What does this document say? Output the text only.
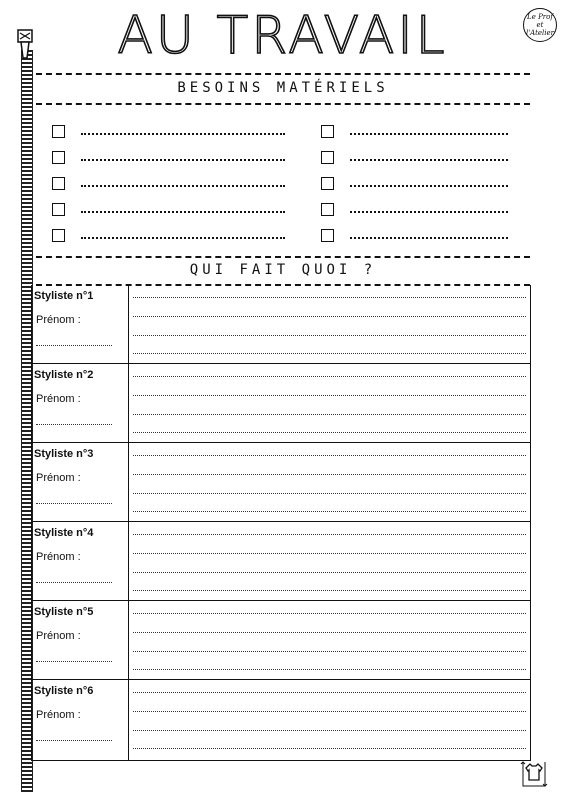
AU TRAVAIL	Le Prof et l'Atelier
BESOINS MATÉRIELS
QUI FAIT QUOI ?
Styliste n°1
Prénom :
Styliste n°2
Prénom :
Styliste n°3
Prénom :
Styliste n°4
Prénom :
Styliste n°5
Prénom :
Styliste n°6
Prénom :
